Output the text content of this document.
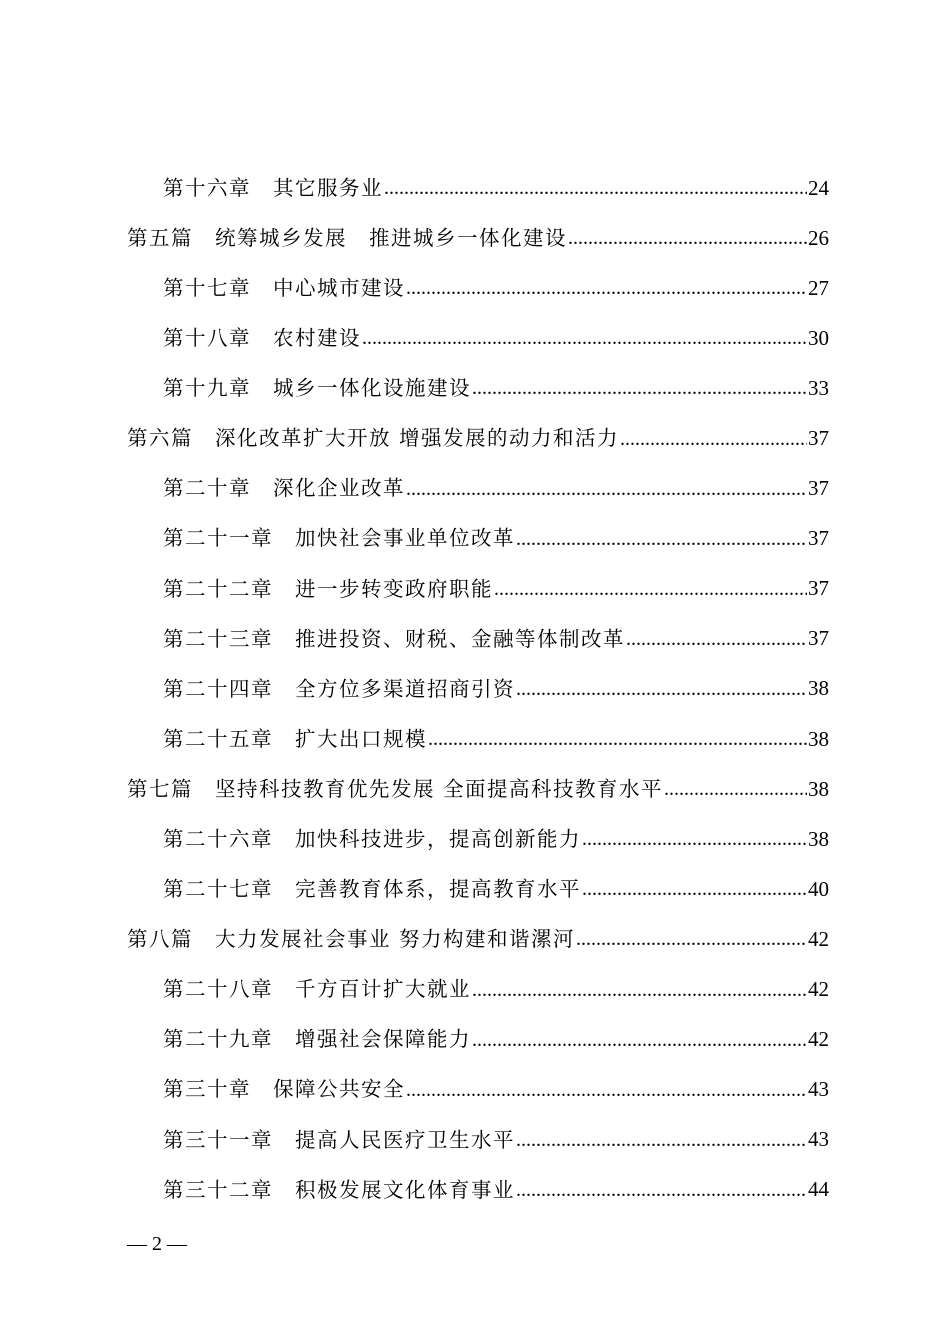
第十六章 其它服务业 .....	24
第五篇 统筹城乡发展　推进城乡一体化建设 .....	26
第十七章 中心城市建设 .....	27
第十八章 农村建设 .....	30
第十九章 城乡一体化设施建设 .....	33
第六篇 深化改革扩大开放 增强发展的动力和活力 .....	37
第二十章 深化企业改革 .....	37
第二十一章 加快社会事业单位改革 .....	37
第二十二章 进一步转变政府职能 .....	37
第二十三章 推进投资、财税、金融等体制改革 .....	37
第二十四章 全方位多渠道招商引资 .....	38
第二十五章 扩大出口规模 .....	38
第七篇 坚持科技教育优先发展 全面提高科技教育水平 .....	38
第二十六章 加快科技进步，提高创新能力 .....	38
第二十七章 完善教育体系，提高教育水平 .....	40
第八篇 大力发展社会事业 努力构建和谐漯河 .....	42
第二十八章 千方百计扩大就业 .....	42
第二十九章 增强社会保障能力 .....	42
第三十章 保障公共安全 .....	43
第三十一章 提高人民医疗卫生水平 .....	43
第三十二章 积极发展文化体育事业 .....	44
— 2 —
